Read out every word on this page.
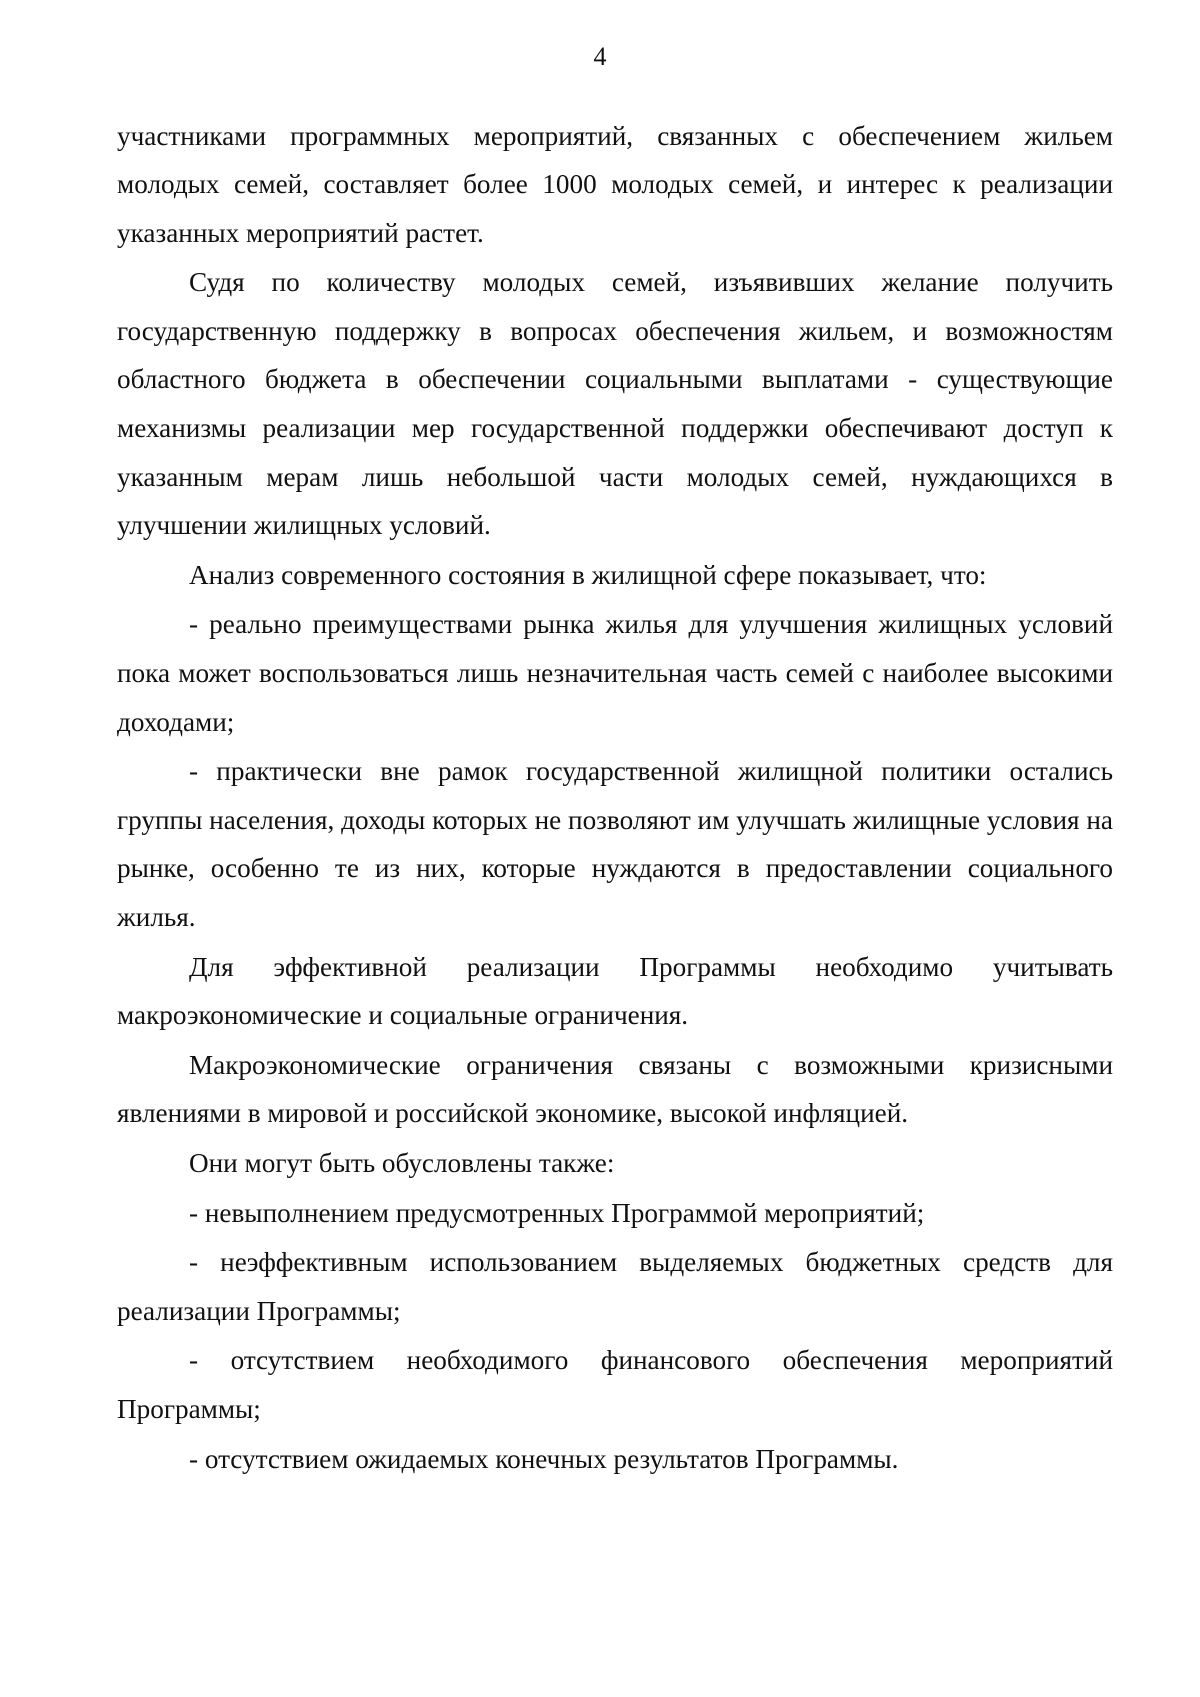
4

участниками программных мероприятий, связанных с обеспечением жильем молодых семей, составляет более 1000 молодых семей, и интерес к реализации указанных мероприятий растет.

Судя по количеству молодых семей, изъявивших желание получить государственную поддержку в вопросах обеспечения жильем, и возможностям областного бюджета в обеспечении социальными выплатами - существующие механизмы реализации мер государственной поддержки обеспечивают доступ к указанным мерам лишь небольшой части молодых семей, нуждающихся в улучшении жилищных условий.

Анализ современного состояния в жилищной сфере показывает, что:

- реально преимуществами рынка жилья для улучшения жилищных условий пока может воспользоваться лишь незначительная часть семей с наиболее высокими доходами;

- практически вне рамок государственной жилищной политики остались группы населения, доходы которых не позволяют им улучшать жилищные условия на рынке, особенно те из них, которые нуждаются в предоставлении социального жилья.

Для эффективной реализации Программы необходимо учитывать макроэкономические и социальные ограничения.

Макроэкономические ограничения связаны с возможными кризисными явлениями в мировой и российской экономике, высокой инфляцией.

Они могут быть обусловлены также:

- невыполнением предусмотренных Программой мероприятий;

- неэффективным использованием выделяемых бюджетных средств для реализации Программы;

- отсутствием необходимого финансового обеспечения мероприятий Программы;

- отсутствием ожидаемых конечных результатов Программы.
